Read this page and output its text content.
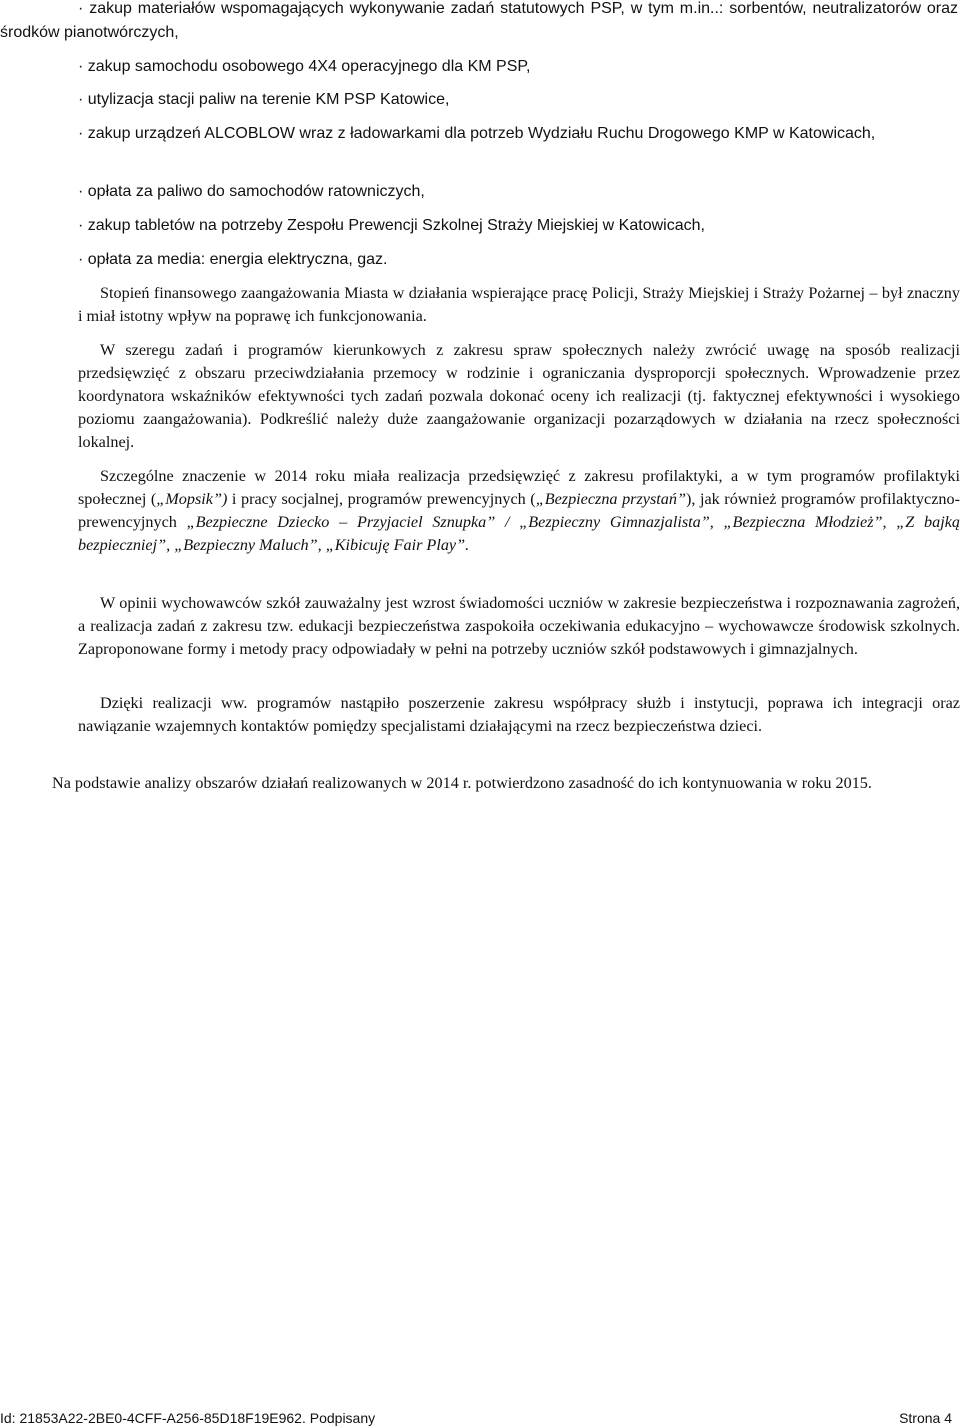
· zakup materiałów wspomagających wykonywanie zadań statutowych PSP, w tym m.in..: sorbentów, neutralizatorów oraz środków pianotwórczych,
· zakup samochodu osobowego 4X4 operacyjnego dla KM PSP,
· utylizacja stacji paliw na terenie KM PSP Katowice,
· zakup urządzeń ALCOBLOW wraz z ładowarkami dla potrzeb Wydziału Ruchu Drogowego KMP w Katowicach,
· opłata za paliwo do samochodów ratowniczych,
· zakup tabletów na potrzeby Zespołu Prewencji Szkolnej Straży Miejskiej w Katowicach,
· opłata za media: energia elektryczna, gaz.

Stopień finansowego zaangażowania Miasta w działania wspierające pracę Policji, Straży Miejskiej i Straży Pożarnej – był znaczny i miał istotny wpływ na poprawę ich funkcjonowania.

W szeregu zadań i programów kierunkowych z zakresu spraw społecznych należy zwrócić uwagę na sposób realizacji przedsięwzięć z obszaru przeciwdziałania przemocy w rodzinie i ograniczania dysproporcji społecznych. Wprowadzenie przez koordynatora wskaźników efektywności tych zadań pozwala dokonać oceny ich realizacji (tj. faktycznej efektywności i wysokiego poziomu zaangażowania). Podkreślić należy duże zaangażowanie organizacji pozarządowych w działania na rzecz społeczności lokalnej.

Szczególne znaczenie w 2014 roku miała realizacja przedsięwzięć z zakresu profilaktyki, a w tym programów profilaktyki społecznej („Mopsik”) i pracy socjalnej, programów prewencyjnych („Bezpieczna przystań”), jak również programów profilaktyczno-prewencyjnych „Bezpieczne Dziecko – Przyjaciel Sznupka” / „Bezpieczny Gimnazjalista”, „Bezpieczna Młodzież”, „Z bajką bezpieczniej”, „Bezpieczny Maluch”, „Kibicuję Fair Play”.

W opinii wychowawców szkół zauważalny jest wzrost świadomości uczniów w zakresie bezpieczeństwa i rozpoznawania zagrożeń, a realizacja zadań z zakresu tzw. edukacji bezpieczeństwa zaspokoiła oczekiwania edukacyjno – wychowawcze środowisk szkolnych. Zaproponowane formy i metody pracy odpowiadały w pełni na potrzeby uczniów szkół podstawowych i gimnazjalnych.

Dzięki realizacji ww. programów nastąpiło poszerzenie zakresu współpracy służb i instytucji, poprawa ich integracji oraz nawiązanie wzajemnych kontaktów pomiędzy specjalistami działającymi na rzecz bezpieczeństwa dzieci.

Na podstawie analizy obszarów działań realizowanych w 2014 r. potwierdzono zasadność do ich kontynuowania w roku 2015.

Id: 21853A22-2BE0-4CFF-A256-85D18F19E962. Podpisany	Strona 4
